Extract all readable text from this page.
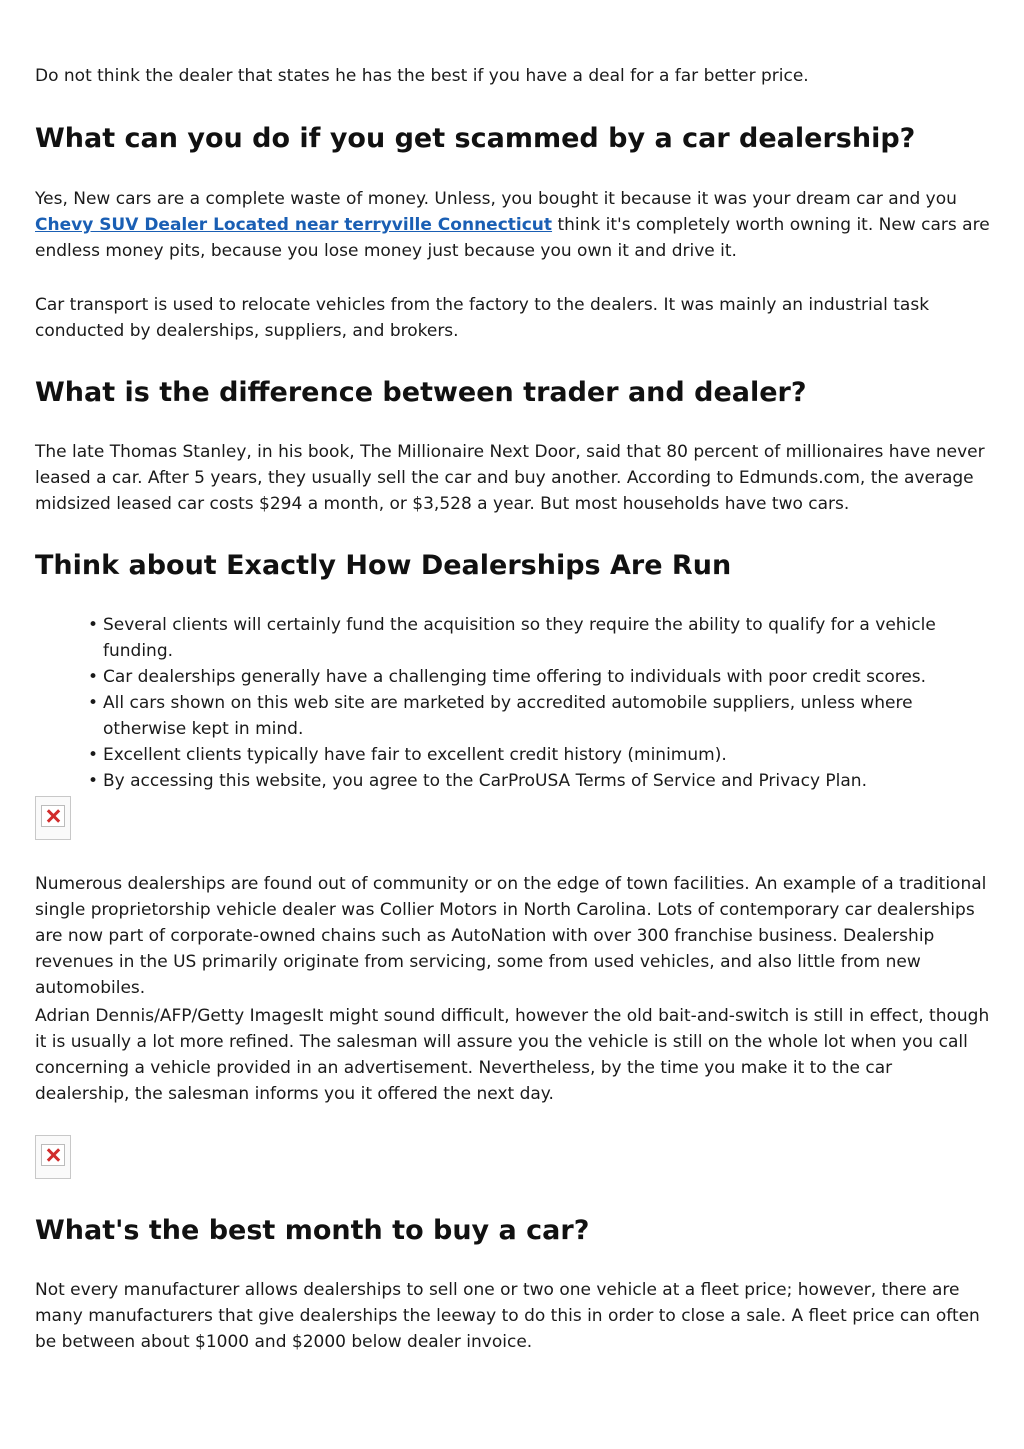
Do not think the dealer that states he has the best if you have a deal for a far better price.

What can you do if you get scammed by a car dealership?

Yes, New cars are a complete waste of money. Unless, you bought it because it was your dream car and you Chevy SUV Dealer Located near terryville Connecticut think it's completely worth owning it. New cars are endless money pits, because you lose money just because you own it and drive it.

Car transport is used to relocate vehicles from the factory to the dealers. It was mainly an industrial task conducted by dealerships, suppliers, and brokers.

What is the difference between trader and dealer?

The late Thomas Stanley, in his book, The Millionaire Next Door, said that 80 percent of millionaires have never leased a car. After 5 years, they usually sell the car and buy another. According to Edmunds.com, the average midsized leased car costs $294 a month, or $3,528 a year. But most households have two cars.

Think about Exactly How Dealerships Are Run
• Several clients will certainly fund the acquisition so they require the ability to qualify for a vehicle funding.
• Car dealerships generally have a challenging time offering to individuals with poor credit scores.
• All cars shown on this web site are marketed by accredited automobile suppliers, unless where otherwise kept in mind.
• Excellent clients typically have fair to excellent credit history (minimum).
• By accessing this website, you agree to the CarProUSA Terms of Service and Privacy Plan.

Numerous dealerships are found out of community or on the edge of town facilities. An example of a traditional single proprietorship vehicle dealer was Collier Motors in North Carolina. Lots of contemporary car dealerships are now part of corporate-owned chains such as AutoNation with over 300 franchise business. Dealership revenues in the US primarily originate from servicing, some from used vehicles, and also little from new automobiles.

Adrian Dennis/AFP/Getty ImagesIt might sound difficult, however the old bait-and-switch is still in effect, though it is usually a lot more refined. The salesman will assure you the vehicle is still on the whole lot when you call concerning a vehicle provided in an advertisement. Nevertheless, by the time you make it to the car dealership, the salesman informs you it offered the next day.

What's the best month to buy a car?

Not every manufacturer allows dealerships to sell one or two one vehicle at a fleet price; however, there are many manufacturers that give dealerships the leeway to do this in order to close a sale. A fleet price can often be between about $1000 and $2000 below dealer invoice.
